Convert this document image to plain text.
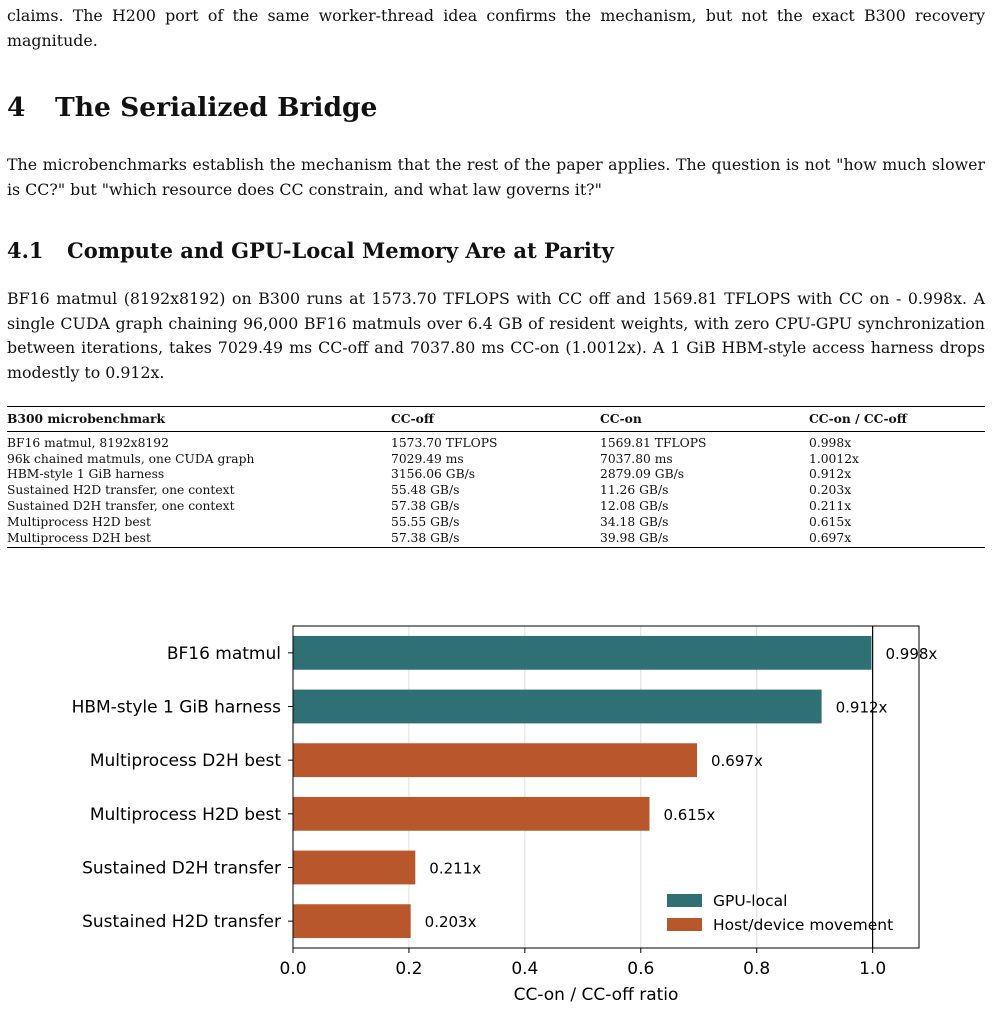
claims. The H200 port of the same worker-thread idea confirms the mechanism, but not the exact B300 recovery magnitude.

4 The Serialized Bridge

The microbenchmarks establish the mechanism that the rest of the paper applies. The question is not "how much slower is CC?" but "which resource does CC constrain, and what law governs it?"

4.1 Compute and GPU-Local Memory Are at Parity

BF16 matmul (8192x8192) on B300 runs at 1573.70 TFLOPS with CC off and 1569.81 TFLOPS with CC on - 0.998x. A single CUDA graph chaining 96,000 BF16 matmuls over 6.4 GB of resident weights, with zero CPU-GPU synchronization between iterations, takes 7029.49 ms CC-off and 7037.80 ms CC-on (1.0012x). A 1 GiB HBM-style access harness drops modestly to 0.912x.

B300 microbenchmark	CC-off	CC-on	CC-on / CC-off
BF16 matmul, 8192x8192	1573.70 TFLOPS	1569.81 TFLOPS	0.998x
96k chained matmuls, one CUDA graph	7029.49 ms	7037.80 ms	1.0012x
HBM-style 1 GiB harness	3156.06 GB/s	2879.09 GB/s	0.912x
Sustained H2D transfer, one context	55.48 GB/s	11.26 GB/s	0.203x
Sustained D2H transfer, one context	57.38 GB/s	12.08 GB/s	0.211x
Multiprocess H2D best	55.55 GB/s	34.18 GB/s	0.615x
Multiprocess D2H best	57.38 GB/s	39.98 GB/s	0.697x
BF16 matmul	0.998x
HBM-style 1 GiB harness	0.912x
Multiprocess D2H best	0.697x
Multiprocess H2D best	0.615x
Sustained D2H transfer	0.211x
Sustained H2D transfer	0.203x
0.0	0.2	0.4	0.6	0.8	1.0
CC-on / CC-off ratio
GPU-local
Host/device movement
